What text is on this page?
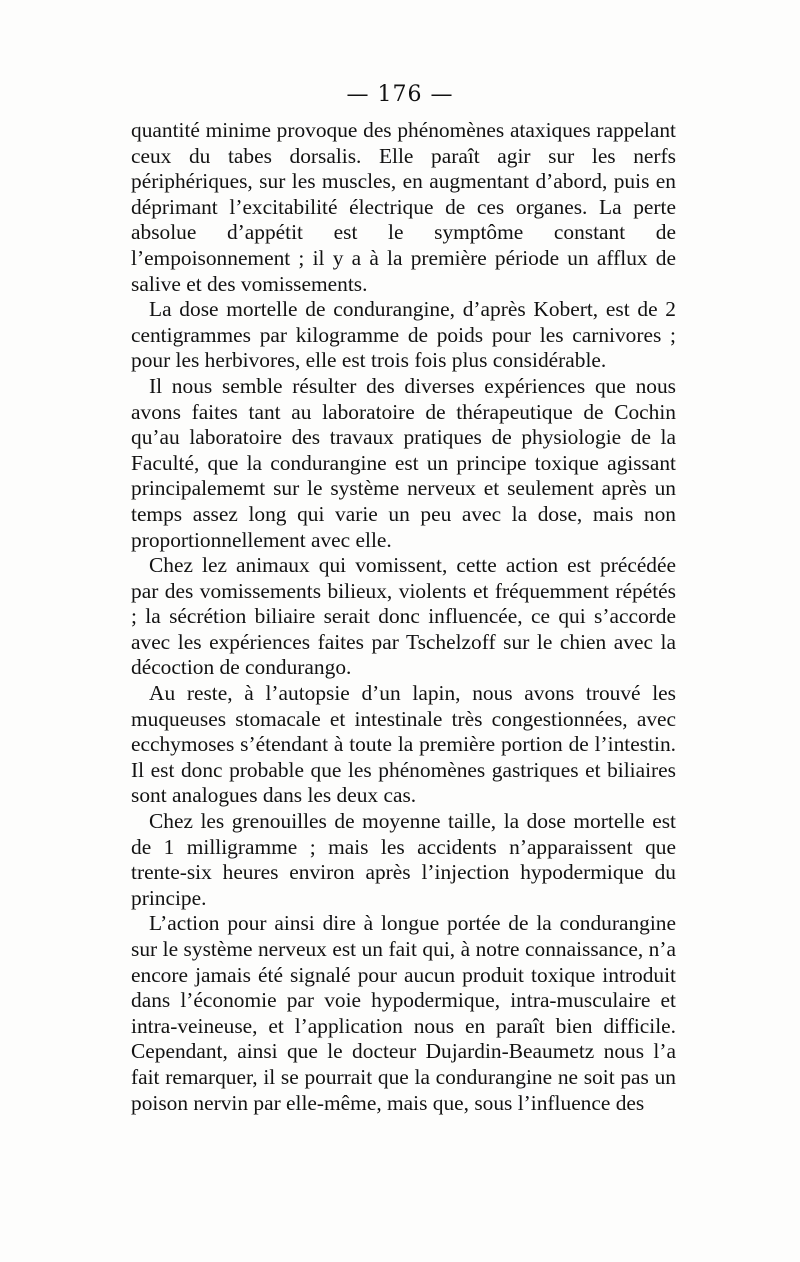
— 176 —

quantité minime provoque des phénomènes ataxiques rappelant ceux du tabes dorsalis. Elle paraît agir sur les nerfs périphériques, sur les muscles, en augmentant d’abord, puis en déprimant l’excitabilité électrique de ces organes. La perte absolue d’appétit est le symptôme constant de l’empoisonnement ; il y a à la première période un afflux de salive et des vomissements.

La dose mortelle de condurangine, d’après Kobert, est de 2 centigrammes par kilogramme de poids pour les carnivores ; pour les herbivores, elle est trois fois plus considérable.

Il nous semble résulter des diverses expériences que nous avons faites tant au laboratoire de thérapeutique de Cochin qu’au laboratoire des travaux pratiques de physiologie de la Faculté, que la condurangine est un principe toxique agissant principalememt sur le système nerveux et seulement après un temps assez long qui varie un peu avec la dose, mais non proportionnellement avec elle.

Chez lez animaux qui vomissent, cette action est précédée par des vomissements bilieux, violents et fréquemment répétés ; la sécrétion biliaire serait donc influencée, ce qui s’accorde avec les expériences faites par Tschelzoff sur le chien avec la décoction de condurango.

Au reste, à l’autopsie d’un lapin, nous avons trouvé les muqueuses stomacale et intestinale très congestionnées, avec ecchymoses s’étendant à toute la première portion de l’intestin. Il est donc probable que les phénomènes gastriques et biliaires sont analogues dans les deux cas.

Chez les grenouilles de moyenne taille, la dose mortelle est de 1 milligramme ; mais les accidents n’apparaissent que trente-six heures environ après l’injection hypodermique du principe.

L’action pour ainsi dire à longue portée de la condurangine sur le système nerveux est un fait qui, à notre connaissance, n’a encore jamais été signalé pour aucun produit toxique introduit dans l’économie par voie hypodermique, intra-musculaire et intra-veineuse, et l’application nous en paraît bien difficile. Cependant, ainsi que le docteur Dujardin-Beaumetz nous l’a fait remarquer, il se pourrait que la condurangine ne soit pas un poison nervin par elle-même, mais que, sous l’influence des
